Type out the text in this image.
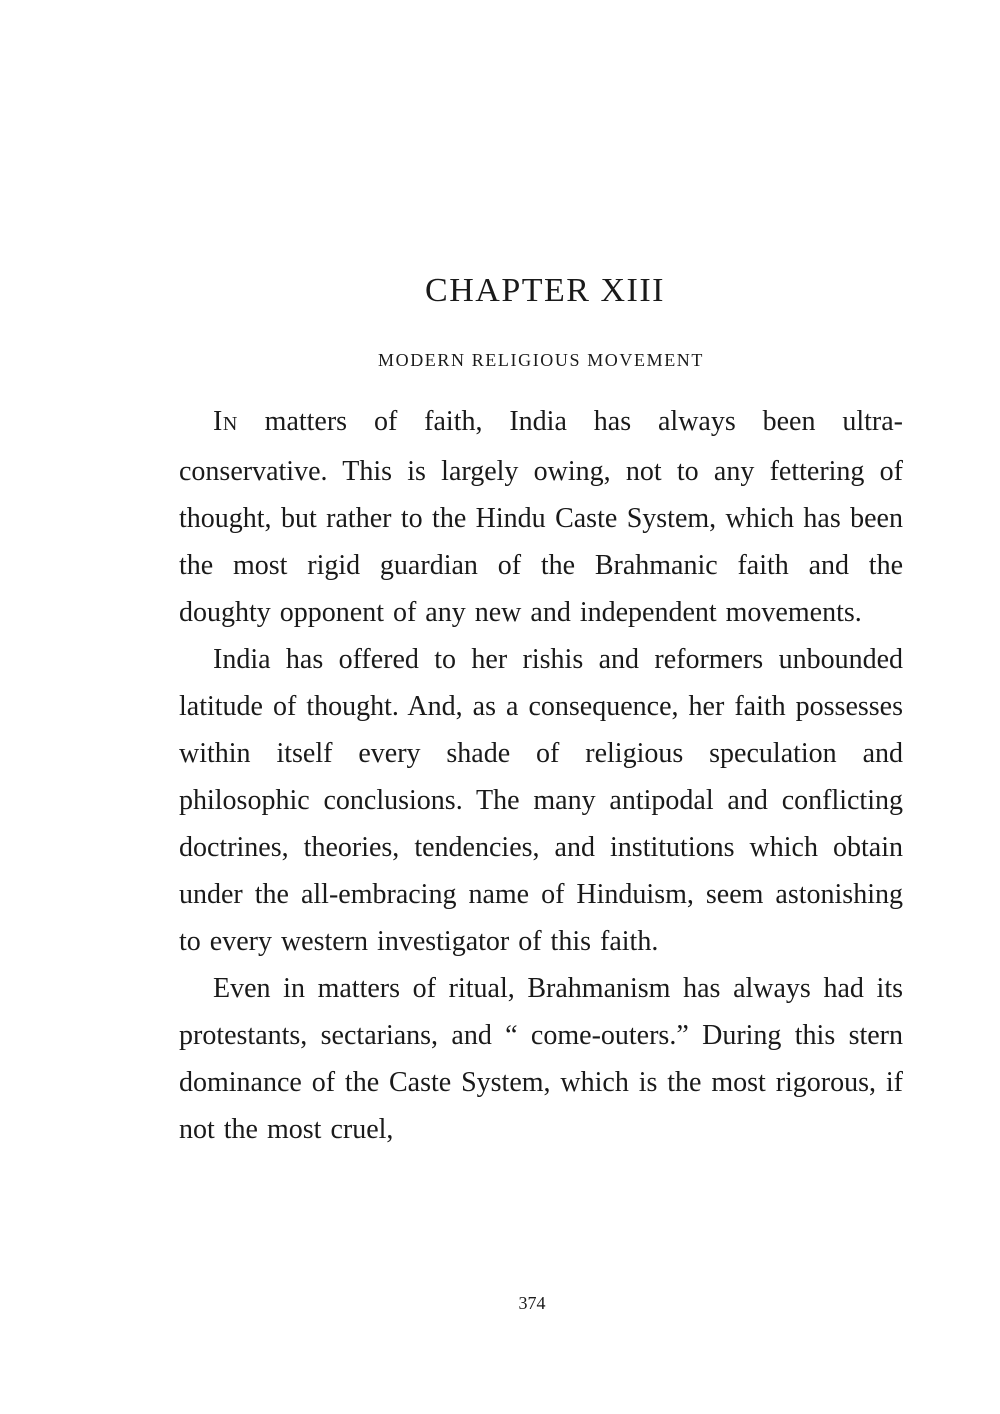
CHAPTER XIII
MODERN RELIGIOUS MOVEMENT

IN matters of faith, India has always been ultra-conservative. This is largely owing, not to any fettering of thought, but rather to the Hindu Caste System, which has been the most rigid guardian of the Brahmanic faith and the doughty opponent of any new and independent movements.

India has offered to her rishis and reformers unbounded latitude of thought. And, as a consequence, her faith possesses within itself every shade of religious speculation and philosophic conclusions. The many antipodal and conflicting doctrines, theories, tendencies, and institutions which obtain under the all-embracing name of Hinduism, seem astonishing to every western investigator of this faith.

Even in matters of ritual, Brahmanism has always had its protestants, sectarians, and “ come-outers.” During this stern dominance of the Caste System, which is the most rigorous, if not the most cruel,

374
